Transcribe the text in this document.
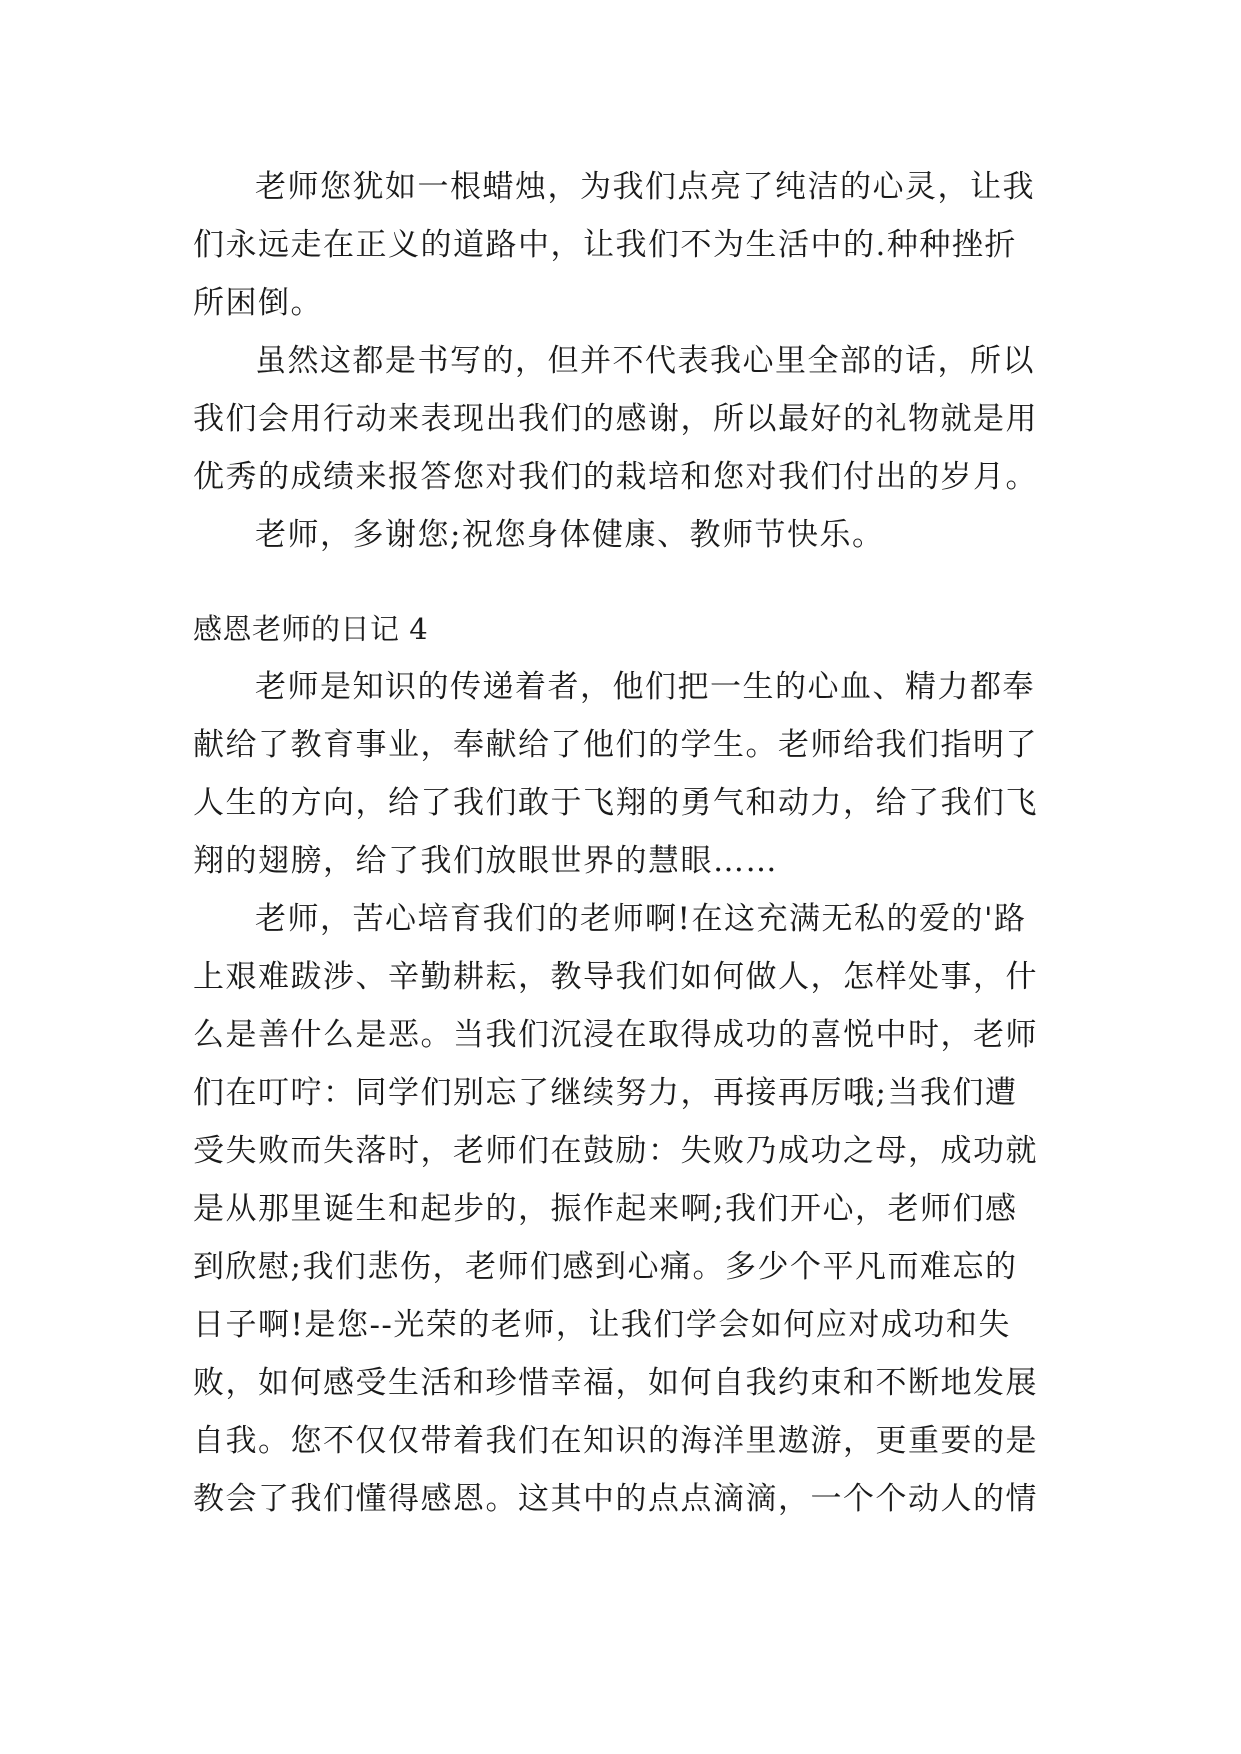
老师您犹如一根蜡烛，为我们点亮了纯洁的心灵，让我
们永远走在正义的道路中，让我们不为生活中的.种种挫折
所困倒。
虽然这都是书写的，但并不代表我心里全部的话，所以
我们会用行动来表现出我们的感谢，所以最好的礼物就是用
优秀的成绩来报答您对我们的栽培和您对我们付出的岁月。
老师，多谢您;祝您身体健康、教师节快乐。
感恩老师的日记 4
老师是知识的传递着者，他们把一生的心血、精力都奉
献给了教育事业，奉献给了他们的学生。老师给我们指明了
人生的方向，给了我们敢于飞翔的勇气和动力，给了我们飞
翔的翅膀，给了我们放眼世界的慧眼……
老师，苦心培育我们的老师啊!在这充满无私的爱的'路
上艰难跋涉、辛勤耕耘，教导我们如何做人，怎样处事，什
么是善什么是恶。当我们沉浸在取得成功的喜悦中时，老师
们在叮咛：同学们别忘了继续努力，再接再厉哦;当我们遭
受失败而失落时，老师们在鼓励：失败乃成功之母，成功就
是从那里诞生和起步的，振作起来啊;我们开心，老师们感
到欣慰;我们悲伤，老师们感到心痛。多少个平凡而难忘的
日子啊!是您--光荣的老师，让我们学会如何应对成功和失
败，如何感受生活和珍惜幸福，如何自我约束和不断地发展
自我。您不仅仅带着我们在知识的海洋里遨游，更重要的是
教会了我们懂得感恩。这其中的点点滴滴，一个个动人的情
